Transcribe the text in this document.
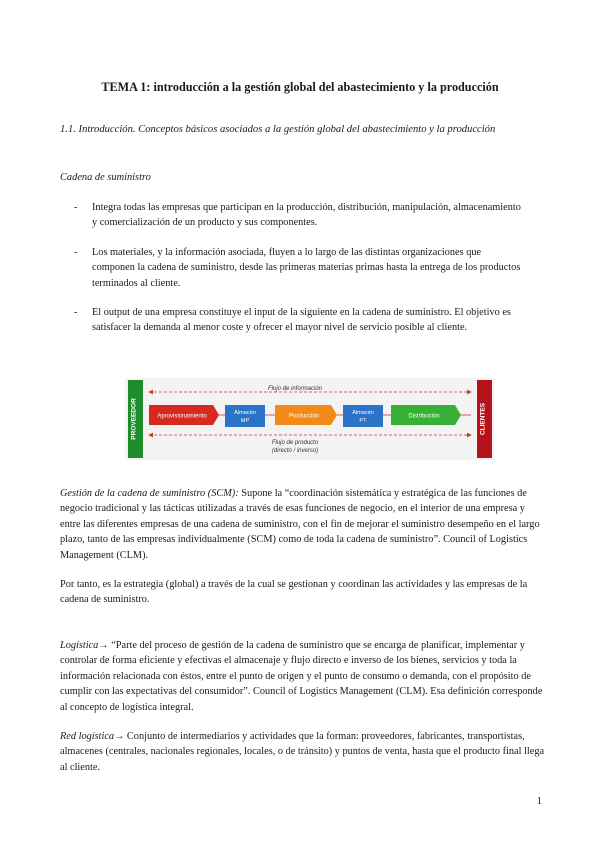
TEMA 1: introducción a la gestión global del abastecimiento y la producción
1.1. Introducción. Conceptos básicos asociados a la gestión global del abastecimiento y la producción
Cadena de suministro
- Integra todas las empresas que participan en la producción, distribución, manipulación, almacenamiento y comercialización de un producto y sus componentes.
- Los materiales, y la información asociada, fluyen a lo largo de las distintas organizaciones que componen la cadena de suministro, desde las primeras materias primas hasta la entrega de los productos terminados al cliente.
- El output de una empresa constituye el input de la siguiente en la cadena de suministro. El objetivo es satisfacer la demanda al menor coste y ofrecer el mayor nivel de servicio posible al cliente.
PROVEEDOR	CLIENTES
Flujo de información
Aprovisionamiento
Almacén
MP
Producción
Almacén
PT
Distribución
Flujo de producto
(directo / inverso)
Gestión de la cadena de suministro (SCM): Supone la “coordinación sistemática y estratégica de las funciones de negocio tradicional y las tácticas utilizadas a través de esas funciones de negocio, en el interior de una empresa y entre las diferentes empresas de una cadena de suministro, con el fin de mejorar el suministro desempeño en el largo plazo, tanto de las empresas individualmente (SCM) como de toda la cadena de suministro”. Council of Logistics Management (CLM).
Por tanto, es la estrategia (global) a través de la cual se gestionan y coordinan las actividades y las empresas de la cadena de suministro.
Logística→ “Parte del proceso de gestión de la cadena de suministro que se encarga de planificar, implementar y controlar de forma eficiente y efectivas el almacenaje y flujo directo e inverso de los bienes, servicios y toda la información relacionada con éstos, entre el punto de origen y el punto de consumo o demanda, con el propósito de cumplir con las expectativas del consumidor”. Council of Logistics Management (CLM). Esa definición corresponde al concepto de logística integral.
Red logística→ Conjunto de intermediarios y actividades que la forman: proveedores, fabricantes, transportistas, almacenes (centrales, nacionales regionales, locales, o de tránsito) y puntos de venta, hasta que el producto final llega al cliente.
1
